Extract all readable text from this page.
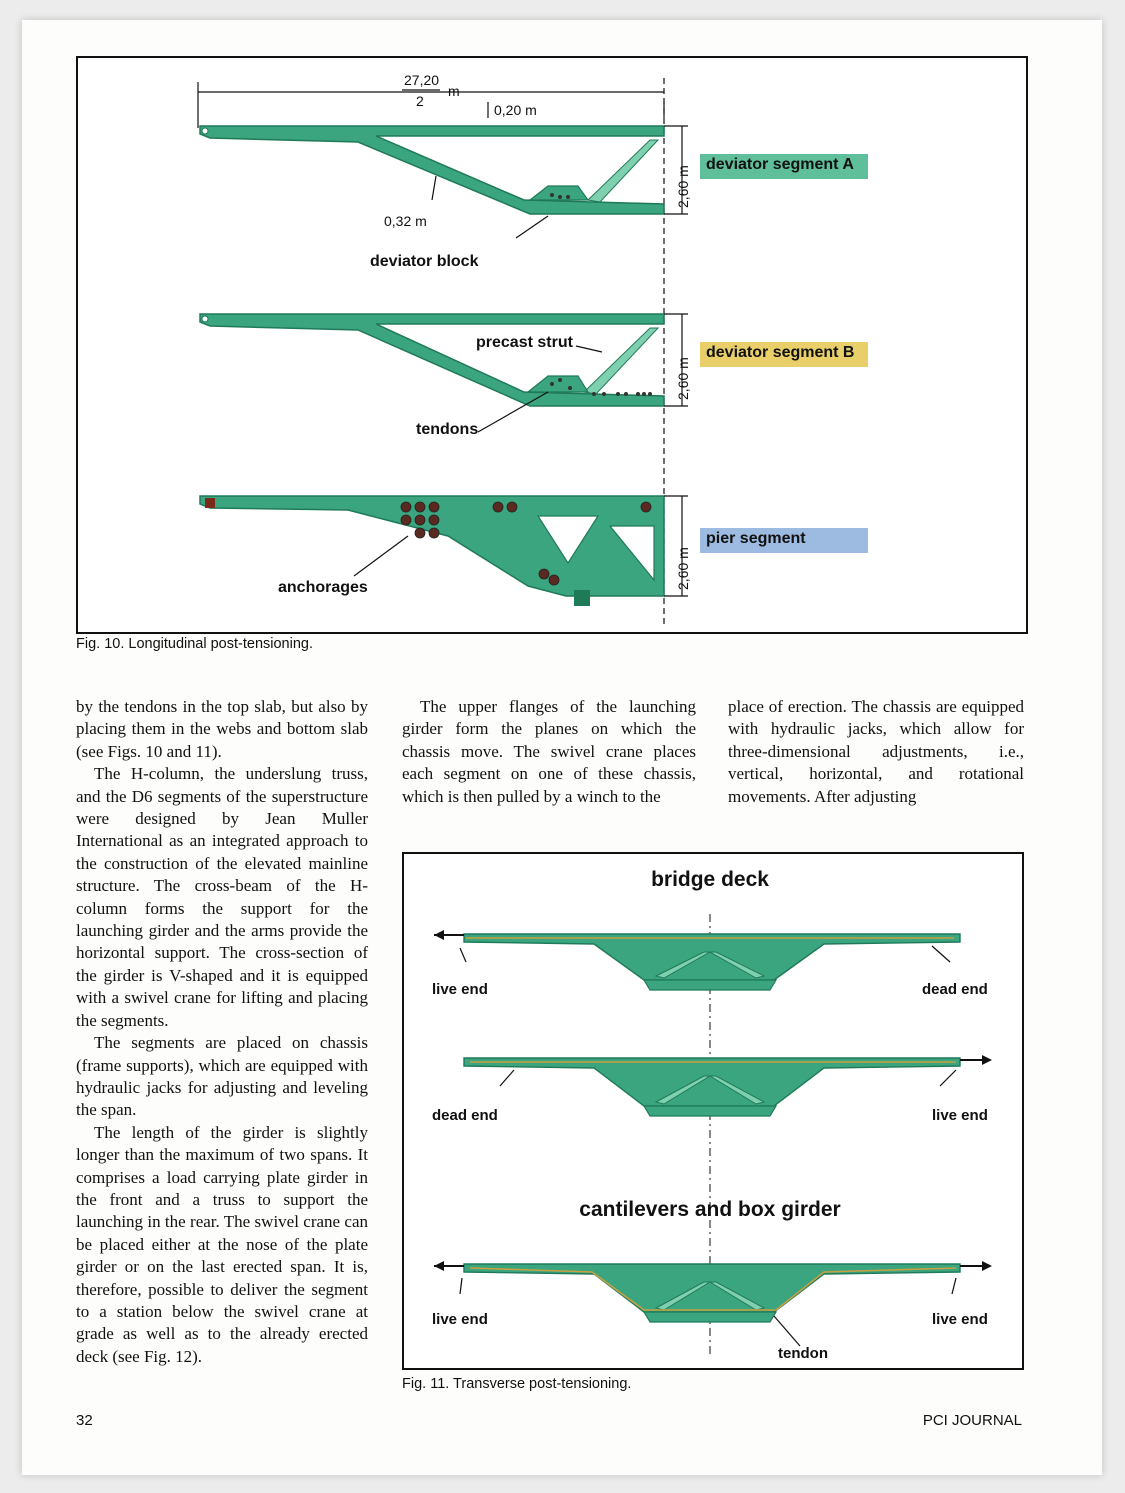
27,20
2
m
0,20 m
2,60 m
0,32 m
deviator block
2,60 m
precast strut
tendons
2,60 m
anchorages
deviator segment A
deviator segment B
pier segment
Fig. 10. Longitudinal post-tensioning.

by the tendons in the top slab, but also by placing them in the webs and bottom slab (see Figs. 10 and 11).

The H-column, the underslung truss, and the D6 segments of the superstructure were designed by Jean Muller International as an integrated approach to the construction of the elevated mainline structure. The cross-beam of the H-column forms the support for the launching girder and the arms provide the horizontal support. The cross-section of the girder is V-shaped and it is equipped with a swivel crane for lifting and placing the segments.

The segments are placed on chassis (frame supports), which are equipped with hydraulic jacks for adjusting and leveling the span.

The length of the girder is slightly longer than the maximum of two spans. It comprises a load carrying plate girder in the front and a truss to support the launching in the rear. The swivel crane can be placed either at the nose of the plate girder or on the last erected span. It is, therefore, possible to deliver the segment to a station below the swivel crane at grade as well as to the already erected deck (see Fig. 12).

The upper flanges of the launching girder form the planes on which the chassis move. The swivel crane places each segment on one of these chassis, which is then pulled by a winch to the

place of erection. The chassis are equipped with hydraulic jacks, which allow for three-dimensional adjustments, i.e., vertical, horizontal, and rotational movements. After adjusting

bridge deck
cantilevers and box girder
live end	dead end
dead end	live end
live end	live end
tendon
Fig. 11. Transverse post-tensioning.
32	PCI JOURNAL
